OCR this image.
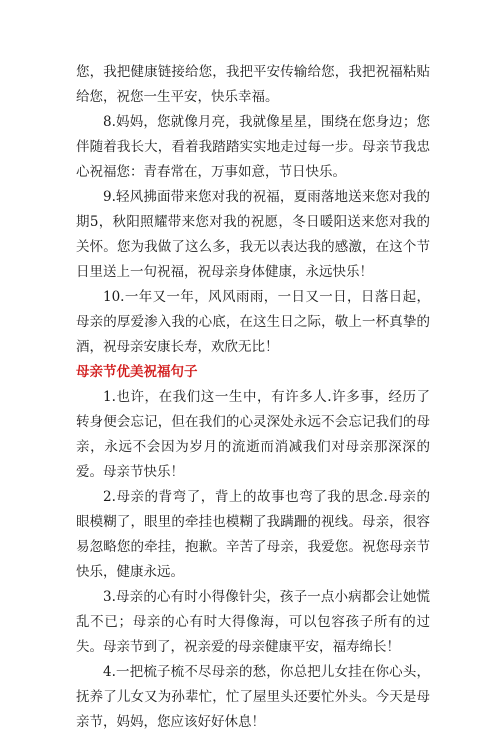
您，我把健康链接给您，我把平安传输给您，我把祝福粘贴给您，祝您一生平安，快乐幸福。

8.妈妈，您就像月亮，我就像星星，围绕在您身边；您伴随着我长大，看着我踏踏实实地走过每一步。母亲节我忠心祝福您：青春常在，万事如意，节日快乐。

9.轻风拂面带来您对我的祝福，夏雨落地送来您对我的期5，秋阳照耀带来您对我的祝愿，冬日暖阳送来您对我的关怀。您为我做了这么多，我无以表达我的感激，在这个节日里送上一句祝福，祝母亲身体健康，永远快乐！

10.一年又一年，风风雨雨，一日又一日，日落日起，母亲的厚爱渗入我的心底，在这生日之际，敬上一杯真挚的酒，祝母亲安康长寿，欢欣无比！

母亲节优美祝福句子

1.也许，在我们这一生中，有许多人.许多事，经历了转身便会忘记，但在我们的心灵深处永远不会忘记我们的母亲，永远不会因为岁月的流逝而消减我们对母亲那深深的爱。母亲节快乐！

2.母亲的背弯了，背上的故事也弯了我的思念.母亲的眼模糊了，眼里的牵挂也模糊了我蹒跚的视线。母亲，很容易忽略您的牵挂，抱歉。辛苦了母亲，我爱您。祝您母亲节快乐，健康永远。

3.母亲的心有时小得像针尖，孩子一点小病都会让她慌乱不已；母亲的心有时大得像海，可以包容孩子所有的过失。母亲节到了，祝亲爱的母亲健康平安，福寿绵长！

4.一把梳子梳不尽母亲的愁，你总把儿女挂在你心头，抚养了儿女又为孙辈忙，忙了屋里头还要忙外头。今天是母亲节，妈妈，您应该好好休息！
